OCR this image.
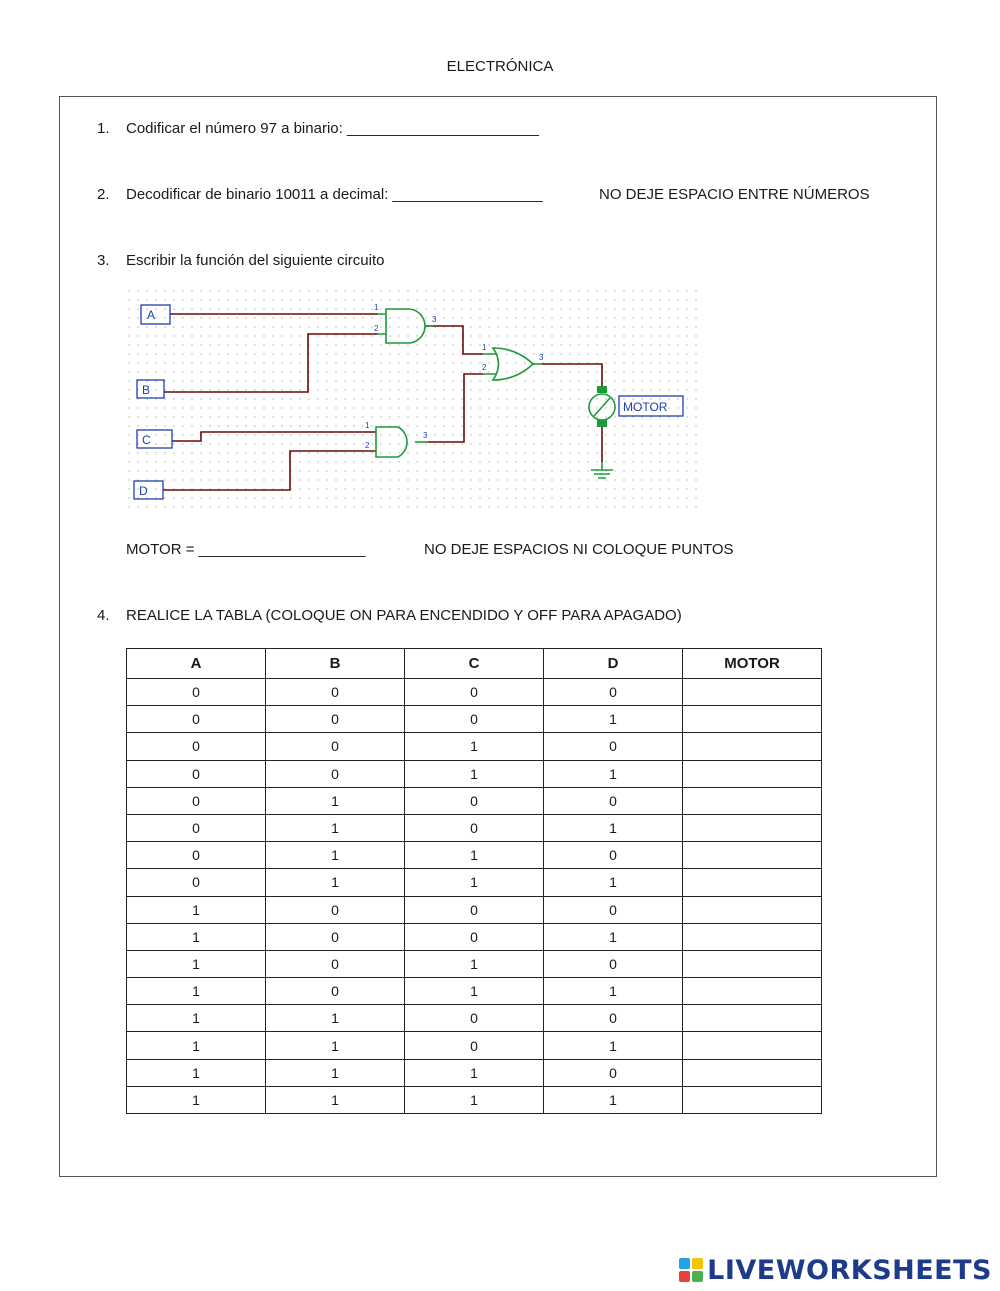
ELECTRÓNICA
1. Codificar el número 97 a binario: _______________________
2. Decodificar de binario 10011 a decimal: __________________	NO DEJE ESPACIO ENTRE NÚMEROS
3. Escribir la función del siguiente circuito
A
B
C
D
MOTOR
1
2
3
1
2
3
1
2
3
MOTOR = ____________________	NO DEJE ESPACIOS NI COLOQUE PUNTOS
4. REALICE LA TABLA (COLOQUE ON PARA ENCENDIDO Y OFF PARA APAGADO)
A	B	C	D	MOTOR
0	0	0	0	
0	0	0	1	
0	0	1	0	
0	0	1	1	
0	1	0	0	
0	1	0	1	
0	1	1	0	
0	1	1	1	
1	0	0	0	
1	0	0	1	
1	0	1	0	
1	0	1	1	
1	1	0	0	
1	1	0	1	
1	1	1	0	
1	1	1	1	
LIVEWORKSHEETS
